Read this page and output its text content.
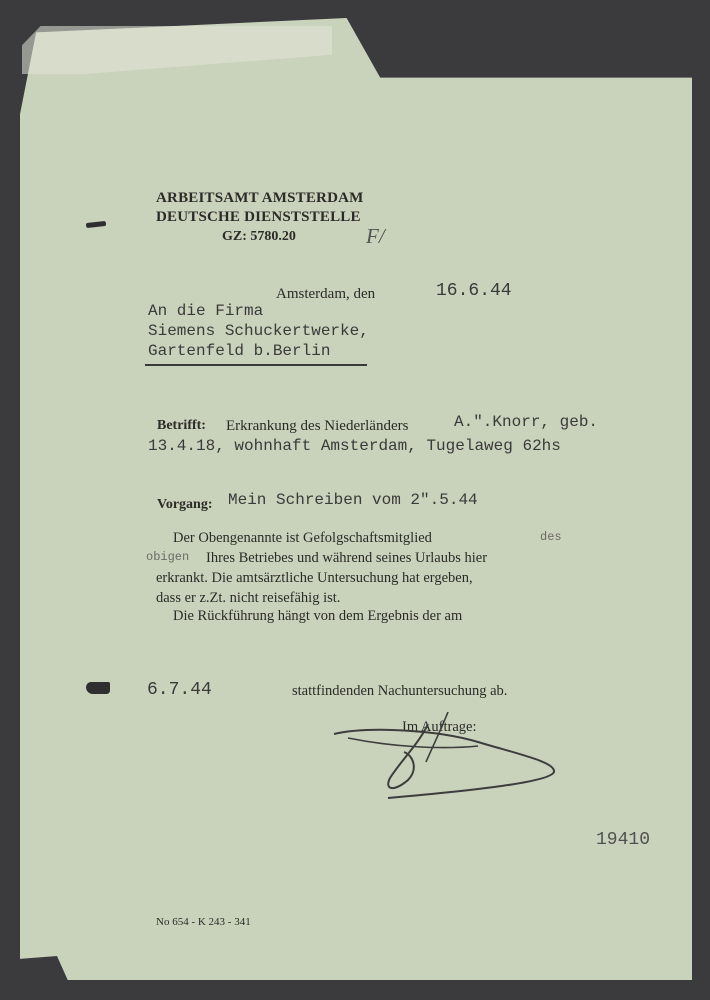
ARBEITSAMT AMSTERDAM

DEUTSCHE DIENSTSTELLE

GZ: 5780.20	F/

Amsterdam, den	16.6.44

An die Firma

Siemens Schuckertwerke,

Gartenfeld b.Berlin

Betrifft: Erkrankung des Niederländers	A.".Knorr, geb.

13.4.18, wohnhaft Amsterdam, Tugelaweg 62hs

Vorgang: Mein Schreiben vom 2".5.44

Der Obengenannte ist Gefolgschaftsmitglied	des

obigen Ihres Betriebes und während seines Urlaubs hier

erkrankt. Die amtsärztliche Untersuchung hat ergeben,

dass er z.Zt. nicht reisefähig ist.

Die Rückführung hängt von dem Ergebnis der am

6.7.44	stattfindenden Nachuntersuchung ab.

Im Auftrage:

19410

No 654 - K 243 - 341
